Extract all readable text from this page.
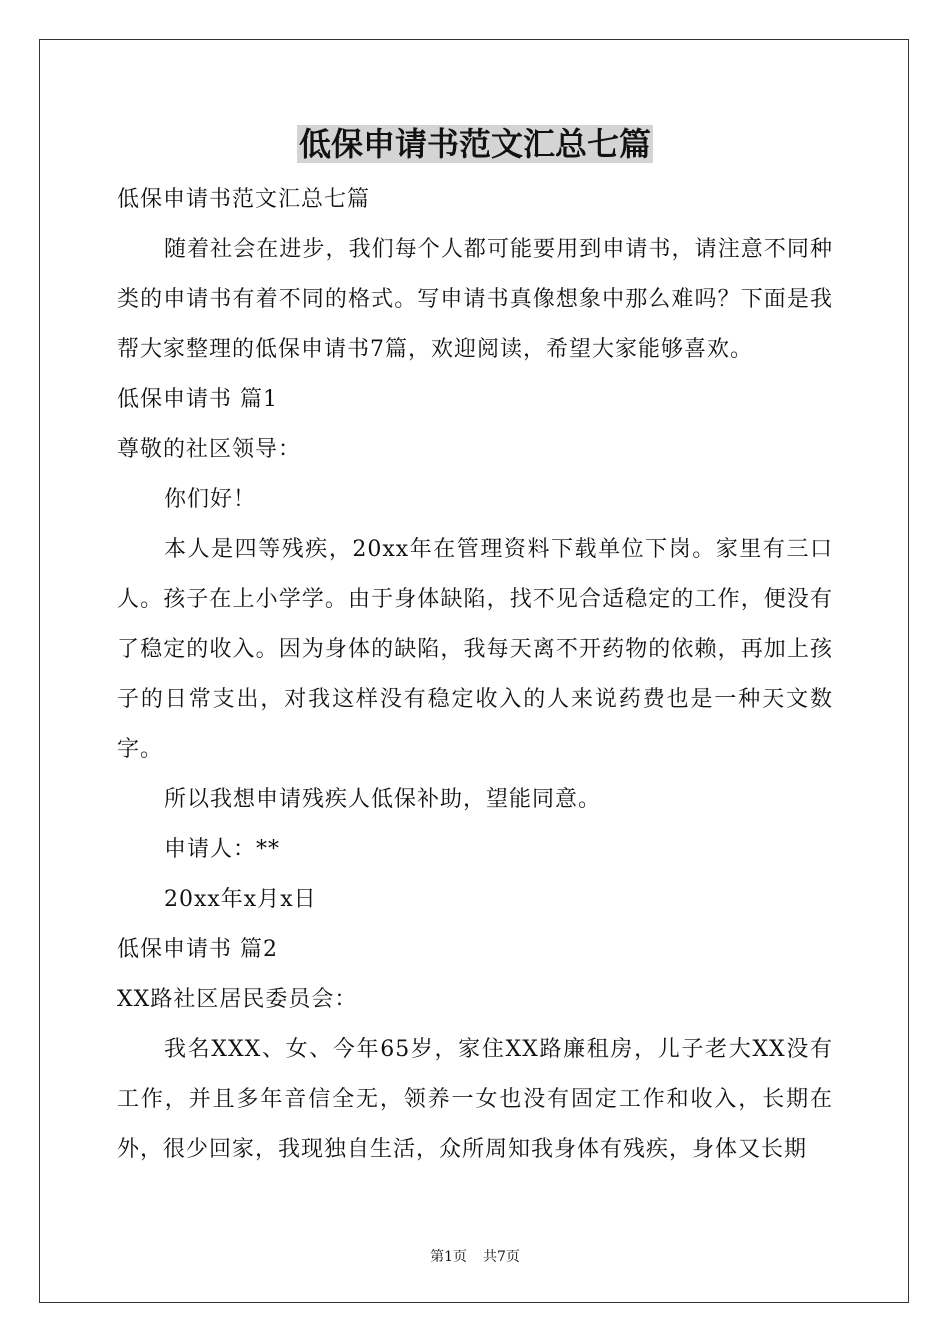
低保申请书范文汇总七篇

低保申请书范文汇总七篇

随着社会在进步，我们每个人都可能要用到申请书，请注意不同种类的申请书有着不同的格式。写申请书真像想象中那么难吗？下面是我帮大家整理的低保申请书7篇，欢迎阅读，希望大家能够喜欢。

低保申请书 篇1

尊敬的社区领导：

你们好！

本人是四等残疾，20xx年在管理资料下载单位下岗。家里有三口人。孩子在上小学学。由于身体缺陷，找不见合适稳定的工作，便没有了稳定的收入。因为身体的缺陷，我每天离不开药物的依赖，再加上孩子的日常支出，对我这样没有稳定收入的人来说药费也是一种天文数字。

所以我想申请残疾人低保补助，望能同意。

申请人：**

20xx年x月x日

低保申请书 篇2

XX路社区居民委员会：

我名XXX、女、今年65岁，家住XX路廉租房，儿子老大XX没有工作，并且多年音信全无，领养一女也没有固定工作和收入，长期在外，很少回家，我现独自生活，众所周知我身体有残疾，身体又长期

第1页 共7页
